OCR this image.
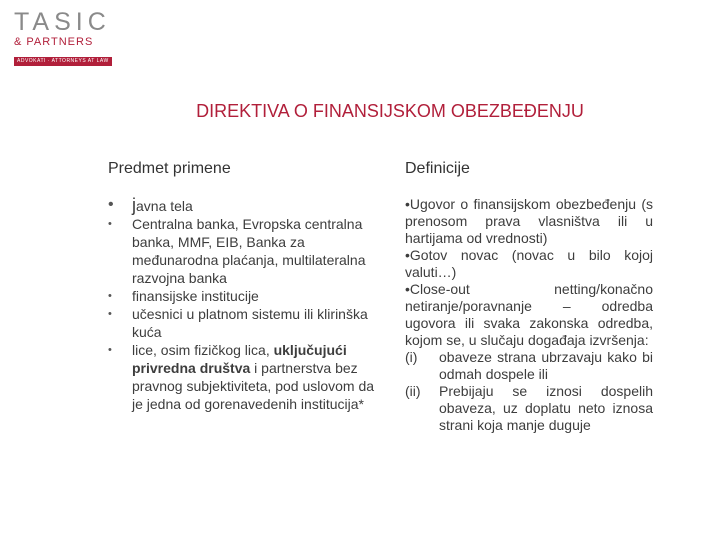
TASIC
& PARTNERS
ADVOKATI · ATTORNEYS AT LAW
DIREKTIVA O FINANSIJSKOM OBEZBEĐENJU
Predmet primene	Definicije
• javna tela
• Centralna banka, Evropska centralna banka, MMF, EIB, Banka za međunarodna plaćanja, multilateralna razvojna banka
• finansijske institucije
• učesnici u platnom sistemu ili klirinška kuća
• lice, osim fizičkog lica, uključujući privredna društva i partnerstva bez pravnog subjektiviteta, pod uslovom da je jedna od gorenavedenih institucija*

•Ugovor o finansijskom obezbeđenju (s prenosom prava vlasništva ili u hartijama od vrednosti)

•Gotov novac (novac u bilo kojoj valuti…)

•Close-out netting/konačno netiranje/poravnanje – odredba ugovora ili svaka zakonska odredba, kojom se, u slučaju događaja izvršenja:

(i) obaveze strana ubrzavaju kako bi odmah dospele ili
(ii) Prebijaju se iznosi dospelih obaveza, uz doplatu neto iznosa strani koja manje duguje
